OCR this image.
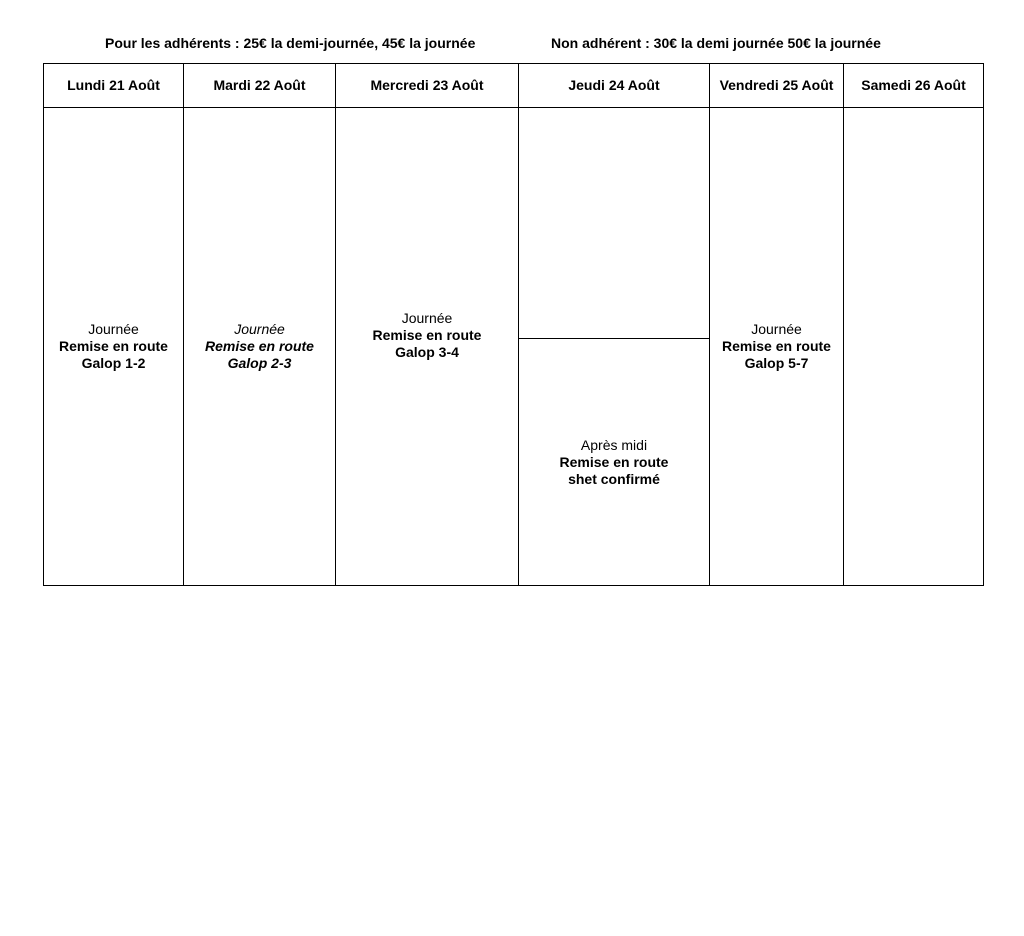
Pour les adhérents : 25€ la demi-journée, 45€ la journée	Non adhérent : 30€ la demi journée 50€ la journée
Lundi 21 Août
Journée
Remise en route
Galop 1-2
Mardi 22 Août
Journée
Remise en route
Galop 2-3
Mercredi 23 Août
Journée
Remise en route
Galop 3-4
Jeudi 24 Août
Après midi
Remise en route
shet confirmé
Vendredi 25 Août
Journée
Remise en route
Galop 5-7
Samedi 26 Août
